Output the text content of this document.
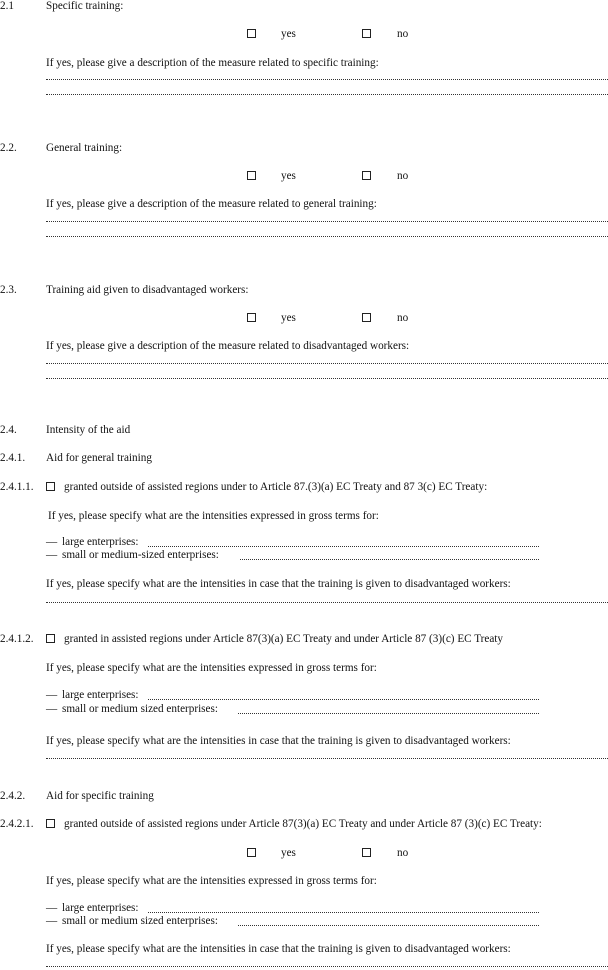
2.1	Specific training:
yes	no
If yes, please give a description of the measure related to specific training:
2.2.	General training:
yes	no
If yes, please give a description of the measure related to general training:
2.3.	Training aid given to disadvantaged workers:
yes	no
If yes, please give a description of the measure related to disadvantaged workers:
2.4.	Intensity of the aid
2.4.1. Aid for general training
2.4.1.1.	granted outside of assisted regions under to Article 87.(3)(a) EC Treaty and 87 3(c) EC Treaty:
If yes, please specify what are the intensities expressed in gross terms for:
— large enterprises:
— small or medium-sized enterprises:
If yes, please specify what are the intensities in case that the training is given to disadvantaged workers:
2.4.1.2.	granted in assisted regions under Article 87(3)(a) EC Treaty and under Article 87 (3)(c) EC Treaty
If yes, please specify what are the intensities expressed in gross terms for:
— large enterprises:
— small or medium sized enterprises:
If yes, please specify what are the intensities in case that the training is given to disadvantaged workers:
2.4.2. Aid for specific training
2.4.2.1.	granted outside of assisted regions under Article 87(3)(a) EC Treaty and under Article 87 (3)(c) EC Treaty:
yes	no
If yes, please specify what are the intensities expressed in gross terms for:
— large enterprises:
— small or medium sized enterprises:
If yes, please specify what are the intensities in case that the training is given to disadvantaged workers:
